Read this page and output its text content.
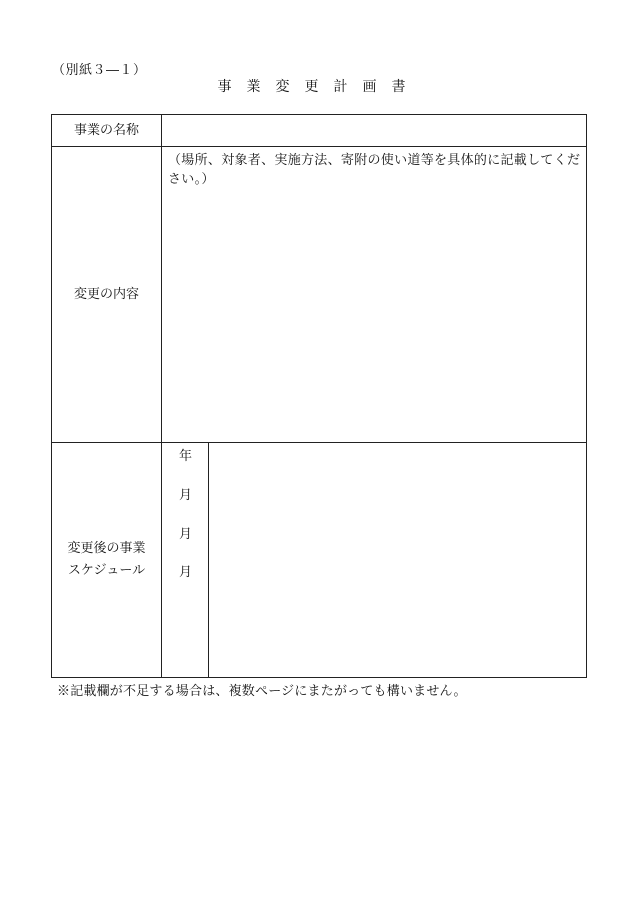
（別紙３―１）
事業変更計画書
事業の名称
変更の内容
（場所、対象者、実施方法、寄附の使い道等を具体的に記載してくだ
さい。）
変更後の事業
スケジュール
年
月
月
月
※記載欄が不足する場合は、複数ページにまたがっても構いません。
